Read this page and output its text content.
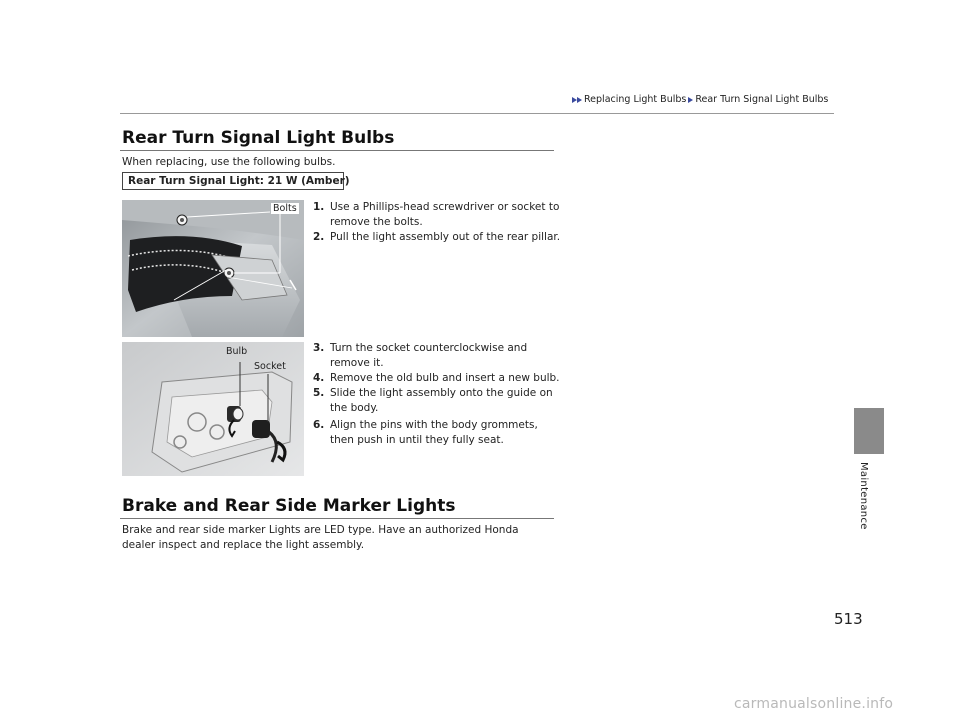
Replacing Light Bulbs Rear Turn Signal Light Bulbs
Maintenance
Rear Turn Signal Light Bulbs
When replacing, use the following bulbs.
Rear Turn Signal Light: 21 W (Amber)
Bolts 1. Use a Phillips-head screwdriver or socket to remove the bolts.
2. Pull the light assembly out of the rear pillar.
Bulb
Socket
3. Turn the socket counterclockwise and remove it.
4. Remove the old bulb and insert a new bulb.
5. Slide the light assembly onto the guide on the body.
6. Align the pins with the body grommets, then push in until they fully seat.
Brake and Rear Side Marker Lights
Brake and rear side marker Lights are LED type. Have an authorized Honda dealer inspect and replace the light assembly.
513
carmanualsonline.info
